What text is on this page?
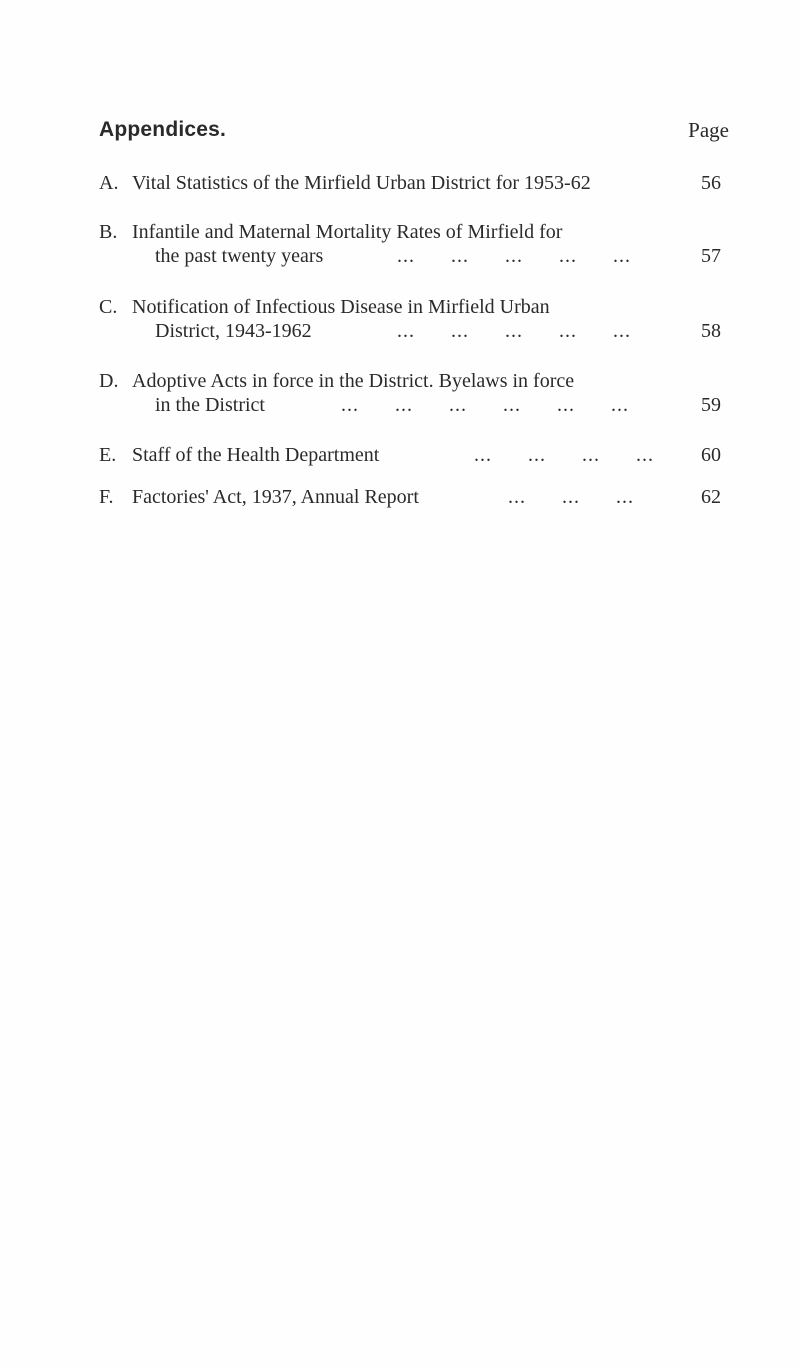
Appendices.	Page
A. Vital Statistics of the Mirfield Urban District for 1953-62	56
B. Infantile and Maternal Mortality Rates of Mirfield for
the past twenty years	...      ...      ...      ...      ...	57
C. Notification of Infectious Disease in Mirfield Urban
District, 1943-1962	...      ...      ...      ...      ...	58
D. Adoptive Acts in force in the District. Byelaws in force
in the District	...      ...      ...      ...      ...      ...	59
E. Staff of the Health Department	...      ...      ...      ... 60
F. Factories' Act, 1937, Annual Report	...      ...      ...	62
